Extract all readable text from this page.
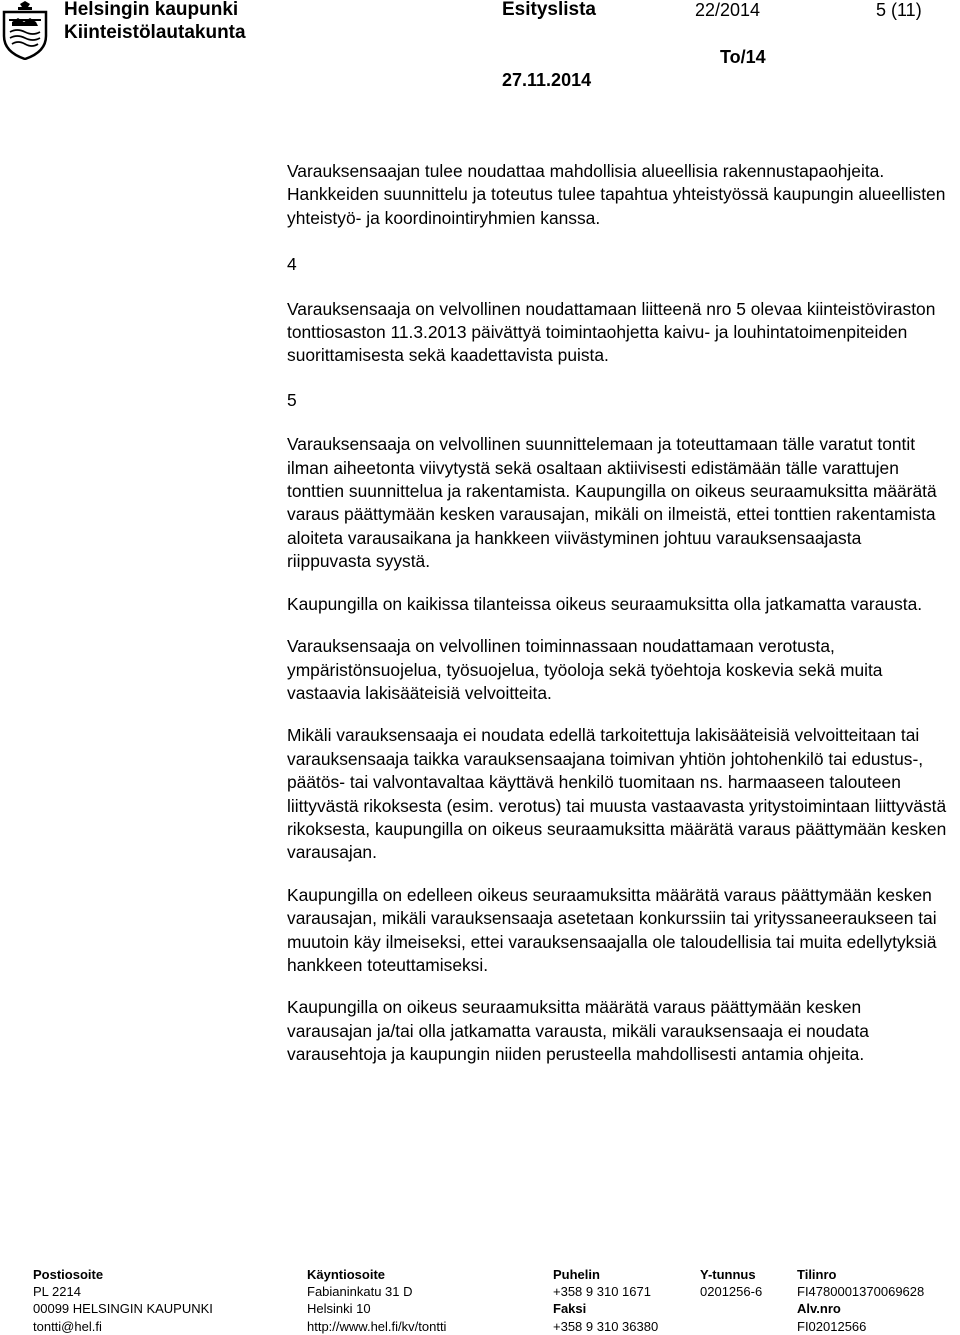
Helsingin kaupunki
Kiinteistölautakunta
Esityslista	22/2014	5 (11)
To/14
27.11.2014

Varauksensaajan tulee noudattaa mahdollisia alueellisia rakennustapaohjeita. Hankkeiden suunnittelu ja toteutus tulee tapahtua yhteistyössä kaupungin alueellisten yhteistyö- ja koordinointiryhmien kanssa.

4

Varauksensaaja on velvollinen noudattamaan liitteenä nro 5 olevaa kiinteistöviraston tonttiosaston 11.3.2013 päivättyä toimintaohjetta kaivu- ja louhintatoimenpiteiden suorittamisesta sekä kaadettavista puista.

5

Varauksensaaja on velvollinen suunnittelemaan ja toteuttamaan tälle varatut tontit ilman aiheetonta viivytystä sekä osaltaan aktiivisesti edistämään tälle varattujen tonttien suunnittelua ja rakentamista. Kaupungilla on oikeus seuraamuksitta määrätä varaus päättymään kesken varausajan, mikäli on ilmeistä, ettei tonttien rakentamista aloiteta varausaikana ja hankkeen viivästyminen johtuu varauksensaajasta riippuvasta syystä.

Kaupungilla on kaikissa tilanteissa oikeus seuraamuksitta olla jatkamatta varausta.

Varauksensaaja on velvollinen toiminnassaan noudattamaan verotusta, ympäristönsuojelua, työsuojelua, työoloja sekä työehtoja koskevia sekä muita vastaavia lakisääteisiä velvoitteita.

Mikäli varauksensaaja ei noudata edellä tarkoitettuja lakisääteisiä velvoitteitaan tai varauksensaaja taikka varauksensaajana toimivan yhtiön johtohenkilö tai edustus-, päätös- tai valvontavaltaa käyttävä henkilö tuomitaan ns. harmaaseen talouteen liittyvästä rikoksesta (esim. verotus) tai muusta vastaavasta yritystoimintaan liittyvästä rikoksesta, kaupungilla on oikeus seuraamuksitta määrätä varaus päättymään kesken varausajan.

Kaupungilla on edelleen oikeus seuraamuksitta määrätä varaus päättymään kesken varausajan, mikäli varauksensaaja asetetaan konkurssiin tai yrityssaneeraukseen tai muutoin käy ilmeiseksi, ettei varauksensaajalla ole taloudellisia tai muita edellytyksiä hankkeen toteuttamiseksi.

Kaupungilla on oikeus seuraamuksitta määrätä varaus päättymään kesken varausajan ja/tai olla jatkamatta varausta, mikäli varauksensaaja ei noudata varausehtoja ja kaupungin niiden perusteella mahdollisesti antamia ohjeita.

Postiosoite
PL 2214
00099 HELSINGIN KAUPUNKI
tontti@hel.fi
Käyntiosoite
Fabianinkatu 31 D
Helsinki 10
http://www.hel.fi/kv/tontti
Puhelin
+358 9 310 1671
Faksi
+358 9 310 36380
Y-tunnus
0201256-6
Tilinro
FI4780001370069628
Alv.nro
FI02012566
